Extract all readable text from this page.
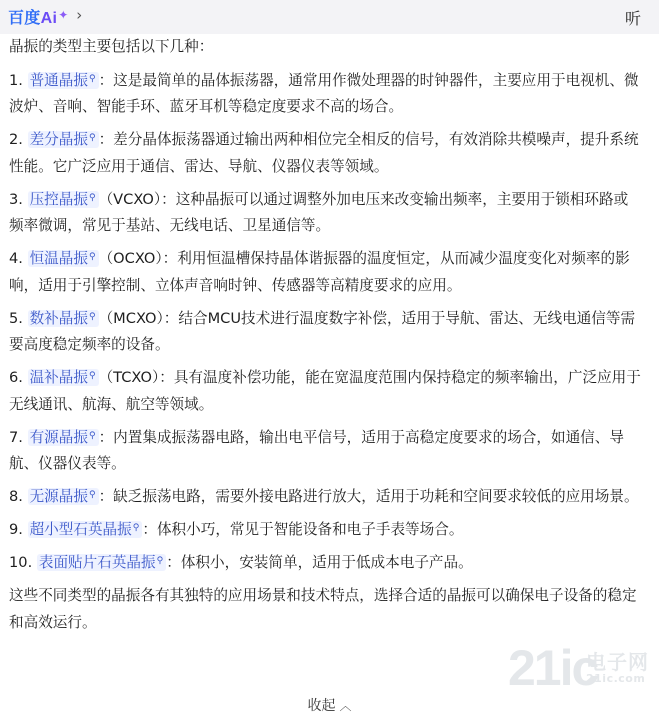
百度Ai ✦ ›	听

晶振的类型主要包括以下几种：

1. 普通晶振⚲ ：这是最简单的晶体振荡器，通常用作微处理器的时钟器件，主要应用于电视机、微波炉、音响、智能手环、蓝牙耳机等稳定度要求不高的场合。

2. 差分晶振⚲ ：差分晶体振荡器通过输出两种相位完全相反的信号，有效消除共模噪声，提升系统性能。它广泛应用于通信、雷达、导航、仪器仪表等领域。

3. 压控晶振⚲ （VCXO）：这种晶振可以通过调整外加电压来改变输出频率，主要用于锁相环路或频率微调，常见于基站、无线电话、卫星通信等。

4. 恒温晶振⚲ （OCXO）：利用恒温槽保持晶体谐振器的温度恒定，从而减少温度变化对频率的影响，适用于引擎控制、立体声音响时钟、传感器等高精度要求的应用。

5. 数补晶振⚲ （MCXO）：结合MCU技术进行温度数字补偿，适用于导航、雷达、无线电通信等需要高度稳定频率的设备。

6. 温补晶振⚲ （TCXO）：具有温度补偿功能，能在宽温度范围内保持稳定的频率输出，广泛应用于无线通讯、航海、航空等领域。

7. 有源晶振⚲ ：内置集成振荡器电路，输出电平信号，适用于高稳定度要求的场合，如通信、导航、仪器仪表等。

8. 无源晶振⚲ ：缺乏振荡电路，需要外接电路进行放大，适用于功耗和空间要求较低的应用场景。

9. 超小型石英晶振⚲ ：体积小巧，常见于智能设备和电子手表等场合。

10. 表面贴片石英晶振⚲ ：体积小，安装简单，适用于低成本电子产品。

这些不同类型的晶振各有其独特的应用场景和技术特点，选择合适的晶振可以确保电子设备的稳定和高效运行。

收起 ︿
21ic
电子网
21ic.com
